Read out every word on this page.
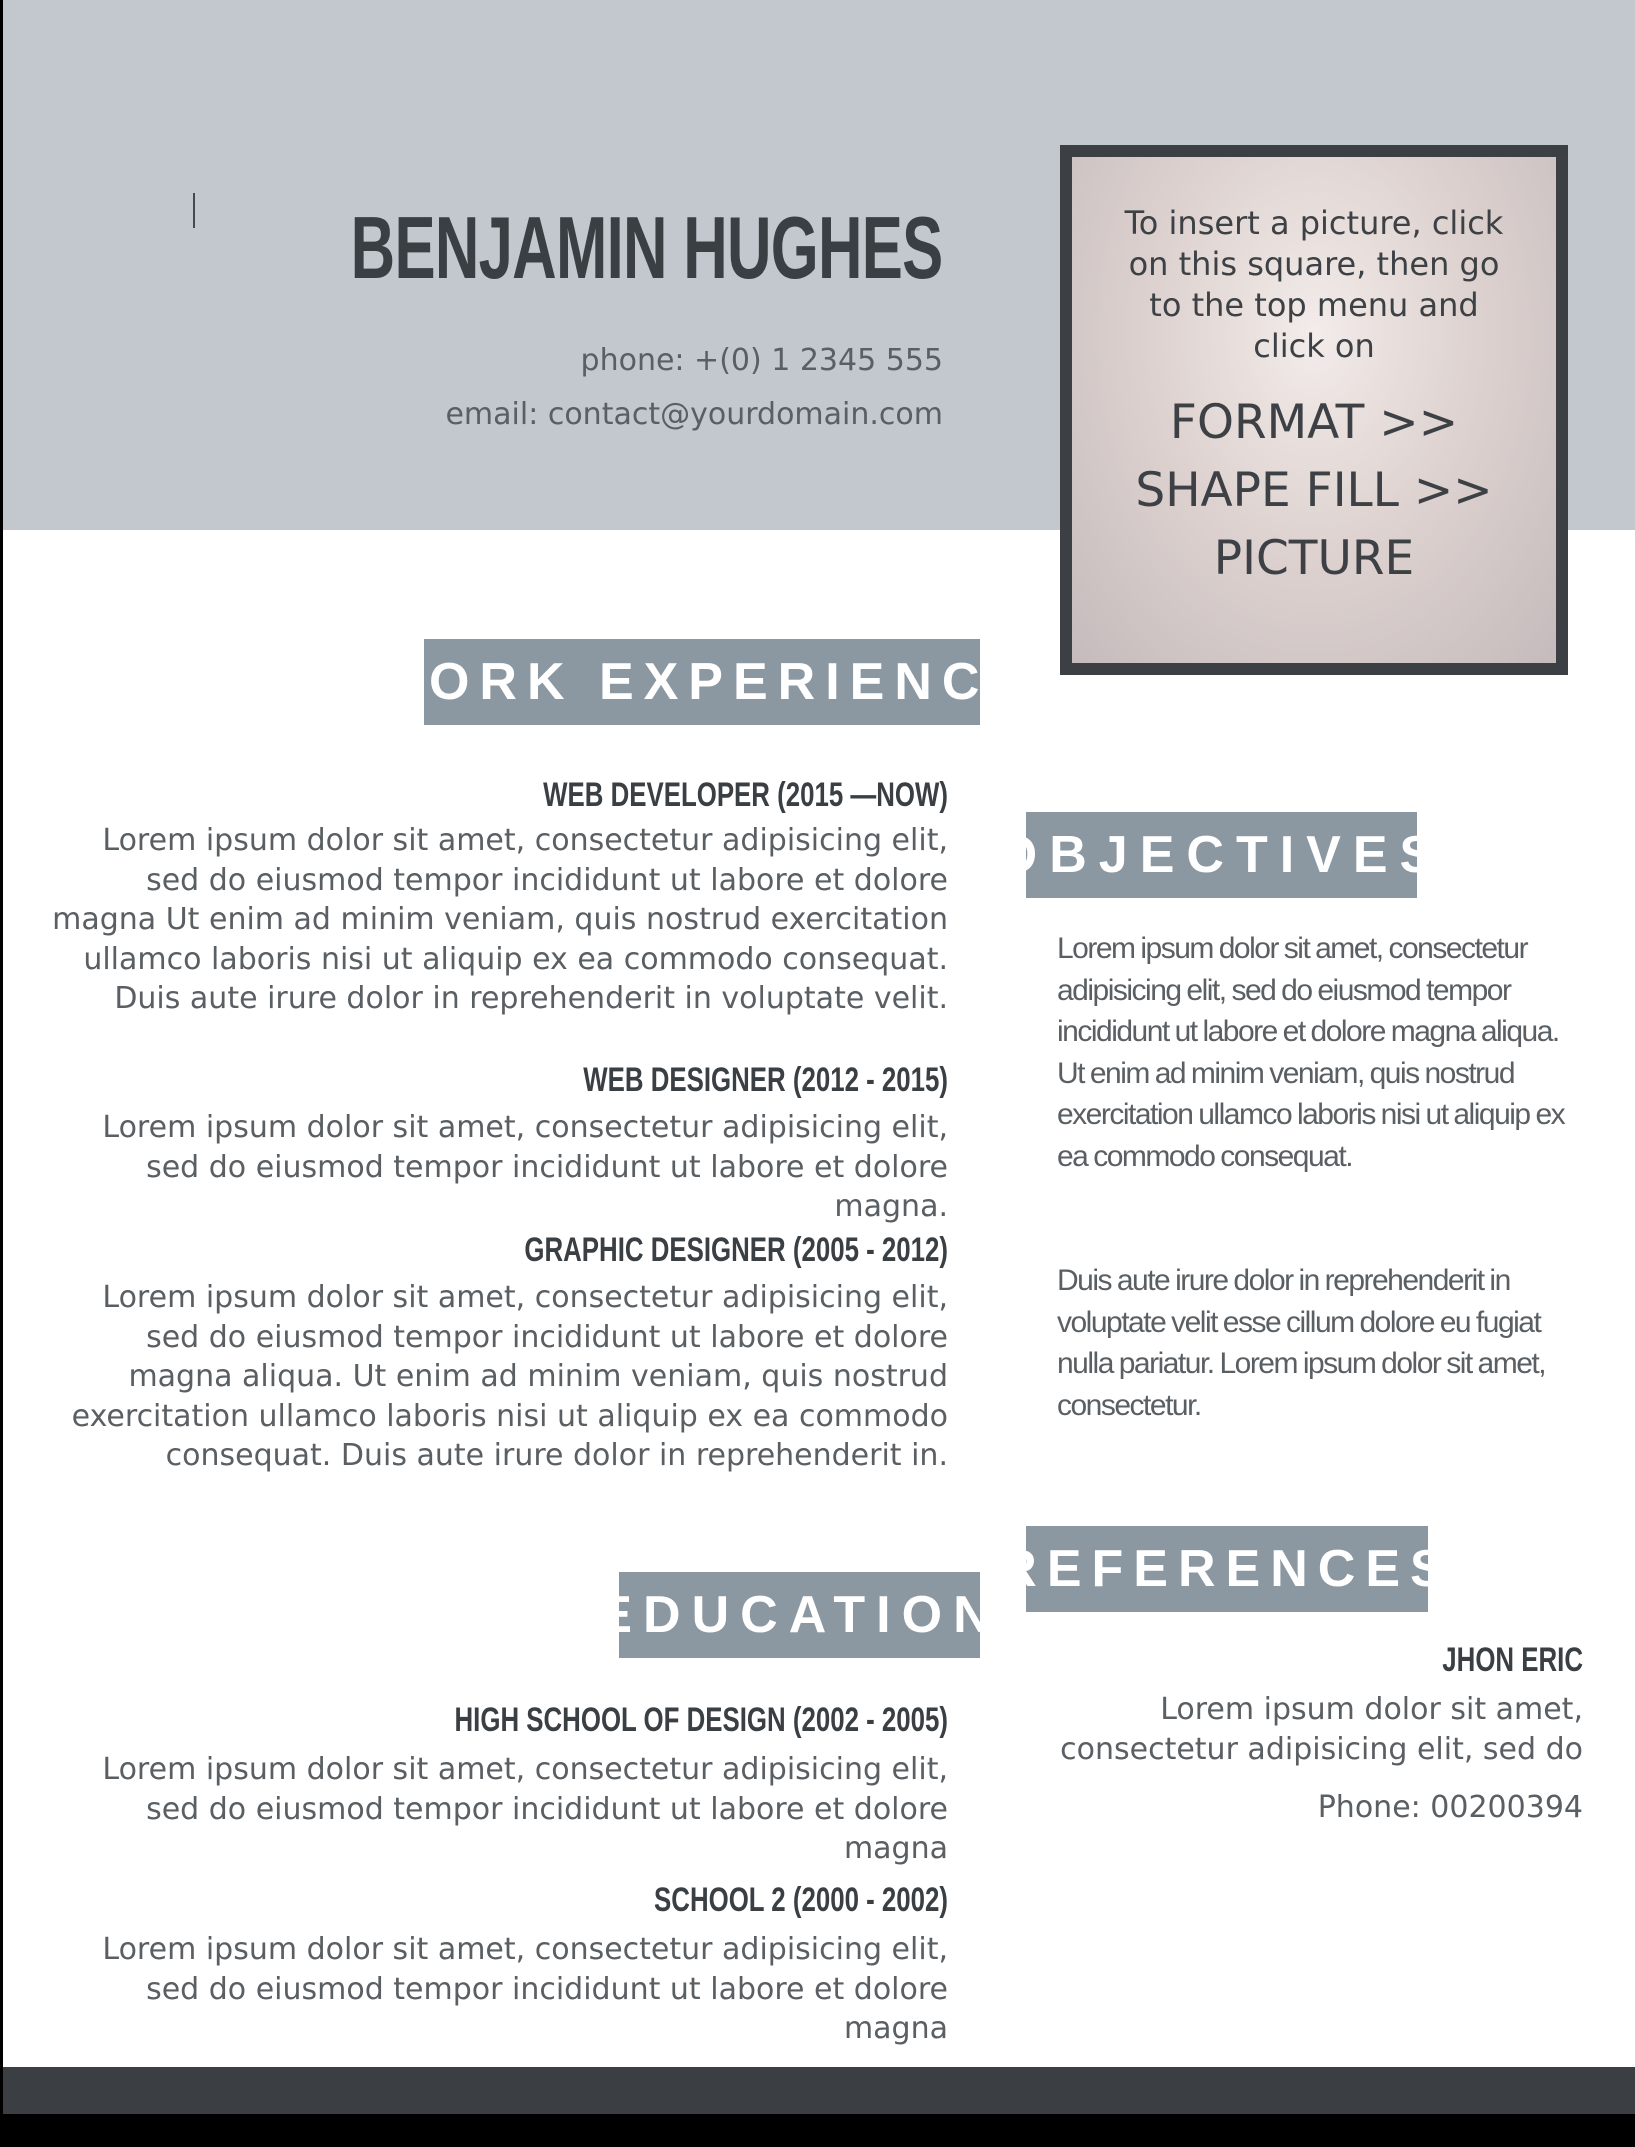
BENJAMIN HUGHES
phone: +(0) 1 2345 555
email: contact@yourdomain.com
To insert a picture, click on this square, then go to the top menu and click on
FORMAT >>
SHAPE FILL >>
PICTURE
WORK EXPERIENCE
WEB DEVELOPER (2015 —NOW)
Lorem ipsum dolor sit amet, consectetur adipisicing elit, sed do eiusmod tempor incididunt ut labore et dolore magna Ut enim ad minim veniam, quis nostrud exercitation ullamco laboris nisi ut aliquip ex ea commodo consequat. Duis aute irure dolor in reprehenderit in voluptate velit.
WEB DESIGNER (2012 - 2015)
Lorem ipsum dolor sit amet, consectetur adipisicing elit, sed do eiusmod tempor incididunt ut labore et dolore magna.
GRAPHIC DESIGNER (2005 - 2012)
Lorem ipsum dolor sit amet, consectetur adipisicing elit, sed do eiusmod tempor incididunt ut labore et dolore magna aliqua. Ut enim ad minim veniam, quis nostrud exercitation ullamco laboris nisi ut aliquip ex ea commodo consequat. Duis aute irure dolor in reprehenderit in.
EDUCATION
HIGH SCHOOL OF DESIGN (2002 - 2005)
Lorem ipsum dolor sit amet, consectetur adipisicing elit, sed do eiusmod tempor incididunt ut labore et dolore magna
SCHOOL 2 (2000 - 2002)
Lorem ipsum dolor sit amet, consectetur adipisicing elit, sed do eiusmod tempor incididunt ut labore et dolore magna
OBJECTIVES
Lorem ipsum dolor sit amet, consectetur adipisicing elit, sed do eiusmod tempor incididunt ut labore et dolore magna aliqua.
Ut enim ad minim veniam, quis nostrud exercitation ullamco laboris nisi ut aliquip ex ea commodo consequat.
Duis aute irure dolor in reprehenderit in voluptate velit esse cillum dolore eu fugiat nulla pariatur. Lorem ipsum dolor sit amet, consectetur.
REFERENCES
JHON ERIC
Lorem ipsum dolor sit amet, consectetur adipisicing elit, sed do
Phone: 00200394
